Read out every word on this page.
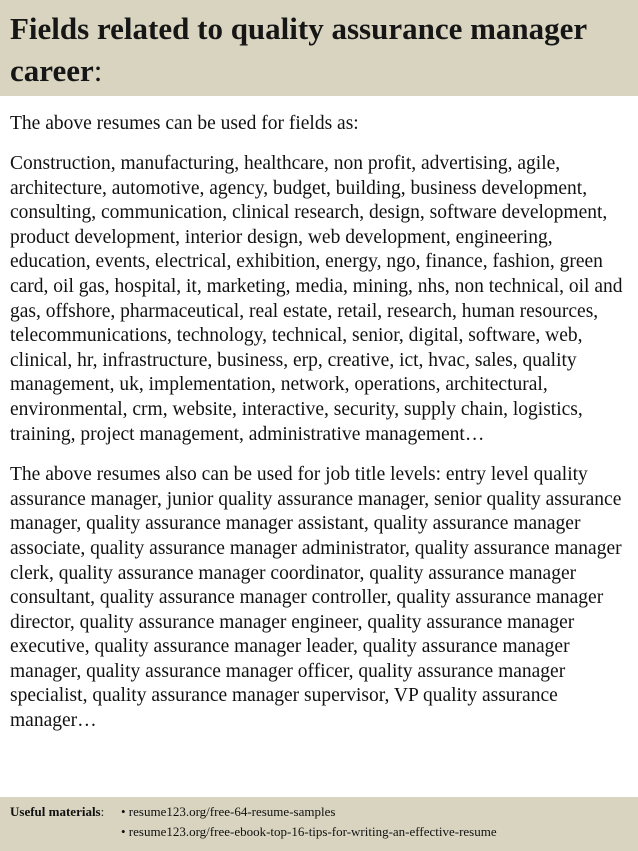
Fields related to quality assurance manager career:

The above resumes can be used for fields as:

Construction, manufacturing, healthcare, non profit, advertising, agile, architecture, automotive, agency, budget, building, business development, consulting, communication, clinical research, design, software development, product development, interior design, web development, engineering, education, events, electrical, exhibition, energy, ngo, finance, fashion, green card, oil gas, hospital, it, marketing, media, mining, nhs, non technical, oil and gas, offshore, pharmaceutical, real estate, retail, research, human resources, telecommunications, technology, technical, senior, digital, software, web, clinical, hr, infrastructure, business, erp, creative, ict, hvac, sales, quality management, uk, implementation, network, operations, architectural, environmental, crm, website, interactive, security, supply chain, logistics, training, project management, administrative management…

The above resumes also can be used for job title levels: entry level quality assurance manager, junior quality assurance manager, senior quality assurance manager, quality assurance manager assistant, quality assurance manager associate, quality assurance manager administrator, quality assurance manager clerk, quality assurance manager coordinator, quality assurance manager consultant, quality assurance manager controller, quality assurance manager director, quality assurance manager engineer, quality assurance manager executive, quality assurance manager leader, quality assurance manager manager, quality assurance manager officer, quality assurance manager specialist, quality assurance manager supervisor, VP quality assurance manager…

Useful materials:	• resume123.org/free-64-resume-samples
• resume123.org/free-ebook-top-16-tips-for-writing-an-effective-resume
